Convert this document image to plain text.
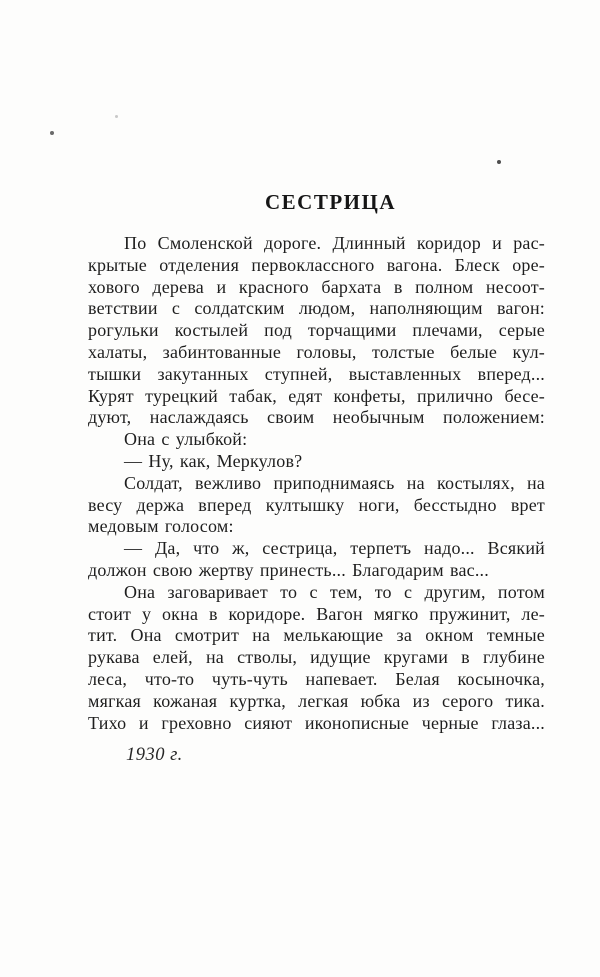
СЕСТРИЦА
По Смоленской дороге. Длинный коридор и рас-
крытые отделения первоклассного вагона. Блеск оре-
хового дерева и красного бархата в полном несоот-
ветствии с солдатским людом, наполняющим вагон:
рогульки костылей под торчащими плечами, серые
халаты, забинтованные головы, толстые белые кул-
тышки закутанных ступней, выставленных вперед...
Курят турецкий табак, едят конфеты, прилично бесе-
дуют, наслаждаясь своим необычным положением:
Она с улыбкой:
— Ну, как, Меркулов?
Солдат, вежливо приподнимаясь на костылях, на
весу держа вперед култышку ноги, бесстыдно врет
медовым голосом:
— Да, что ж, сестрица, терпетъ надо... Всякий
должон свою жертву принесть... Благодарим вас...
Она заговаривает то с тем, то с другим, потом
стоит у окна в коридоре. Вагон мягко пружинит, ле-
тит. Она смотрит на мелькающие за окном темные
рукава елей, на стволы, идущие кругами в глубине
леса, что-то чуть-чуть напевает. Белая косыночка,
мягкая кожаная куртка, легкая юбка из серого тика.
Тихо и греховно сияют иконописные черные глаза...
1930 г.
